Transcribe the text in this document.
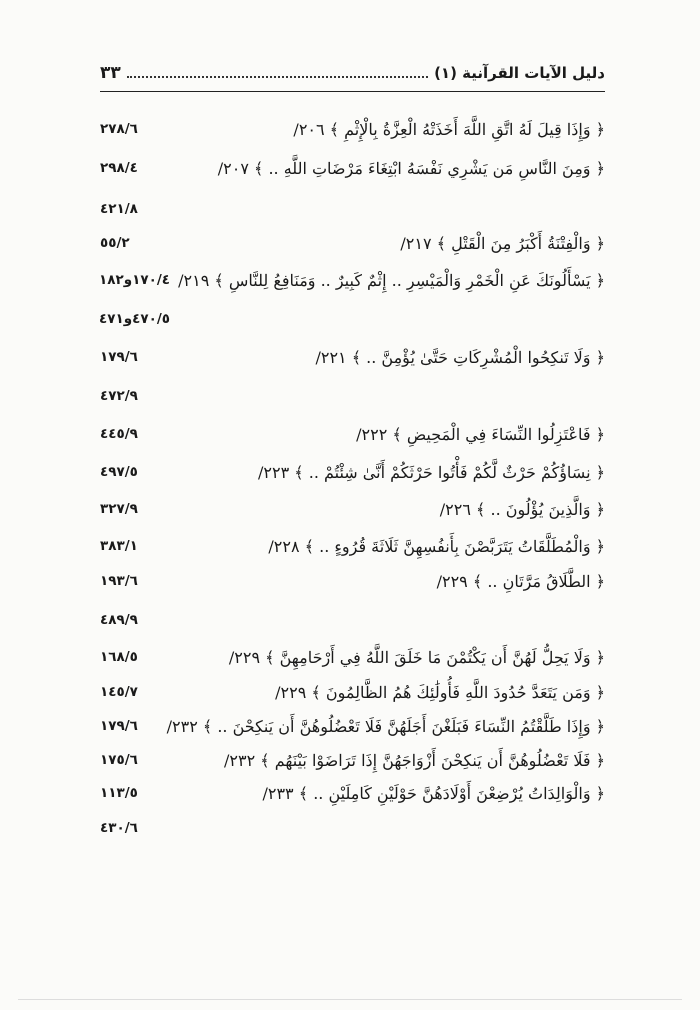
دليل الآيات القرآنية (١)
٣٣
﴿ وَإِذَا قِيلَ لَهُ اتَّقِ اللَّهَ أَخَذَتْهُ الْعِزَّةُ بِالْإِثْمِ ﴾ ٢٠٦/
٢٧٨/٦
﴿ وَمِنَ النَّاسِ مَن يَشْرِي نَفْسَهُ ابْتِغَاءَ مَرْضَاتِ اللَّهِ .. ﴾ ٢٠٧/
٢٩٨/٤
٤٢١/٨
﴿ وَالْفِتْنَةُ أَكْبَرُ مِنَ الْقَتْلِ ﴾ ٢١٧/
٥٥/٢
﴿ يَسْأَلُونَكَ عَنِ الْخَمْرِ وَالْمَيْسِرِ .. إِثْمٌ كَبِيرٌ .. وَمَنَافِعُ لِلنَّاسِ ﴾ ٢١٩/
١٧٠/٤و١٨٢
٤٧٠/٥و٤٧١
﴿ وَلَا تَنكِحُوا الْمُشْرِكَاتِ حَتَّىٰ يُؤْمِنَّ .. ﴾ ٢٢١/
١٧٩/٦
٤٧٢/٩
﴿ فَاعْتَزِلُوا النِّسَاءَ فِي الْمَحِيضِ ﴾ ٢٢٢/
٤٤٥/٩
﴿ نِسَاؤُكُمْ حَرْثٌ لَّكُمْ فَأْتُوا حَرْثَكُمْ أَنَّىٰ شِئْتُمْ .. ﴾ ٢٢٣/
٤٩٧/٥
﴿ وَالَّذِينَ يُؤْلُونَ .. ﴾ ٢٢٦/
٣٢٧/٩
﴿ وَالْمُطَلَّقَاتُ يَتَرَبَّصْنَ بِأَنفُسِهِنَّ ثَلَاثَةَ قُرُوءٍ .. ﴾ ٢٢٨/
٣٨٣/١
﴿ الطَّلَاقُ مَرَّتَانِ .. ﴾ ٢٢٩/
١٩٣/٦
٤٨٩/٩
﴿ وَلَا يَحِلُّ لَهُنَّ أَن يَكْتُمْنَ مَا خَلَقَ اللَّهُ فِي أَرْحَامِهِنَّ ﴾ ٢٢٩/
١٦٨/٥
﴿ وَمَن يَتَعَدَّ حُدُودَ اللَّهِ فَأُولَٰئِكَ هُمُ الظَّالِمُونَ ﴾ ٢٢٩/
١٤٥/٧
﴿ وَإِذَا طَلَّقْتُمُ النِّسَاءَ فَبَلَغْنَ أَجَلَهُنَّ فَلَا تَعْضُلُوهُنَّ أَن يَنكِحْنَ .. ﴾ ٢٣٢/
١٧٩/٦
﴿ فَلَا تَعْضُلُوهُنَّ أَن يَنكِحْنَ أَزْوَاجَهُنَّ إِذَا تَرَاضَوْا بَيْنَهُم ﴾ ٢٣٢/
١٧٥/٦
﴿ وَالْوَالِدَاتُ يُرْضِعْنَ أَوْلَادَهُنَّ حَوْلَيْنِ كَامِلَيْنِ .. ﴾ ٢٣٣/
١١٣/٥
٤٣٠/٦
